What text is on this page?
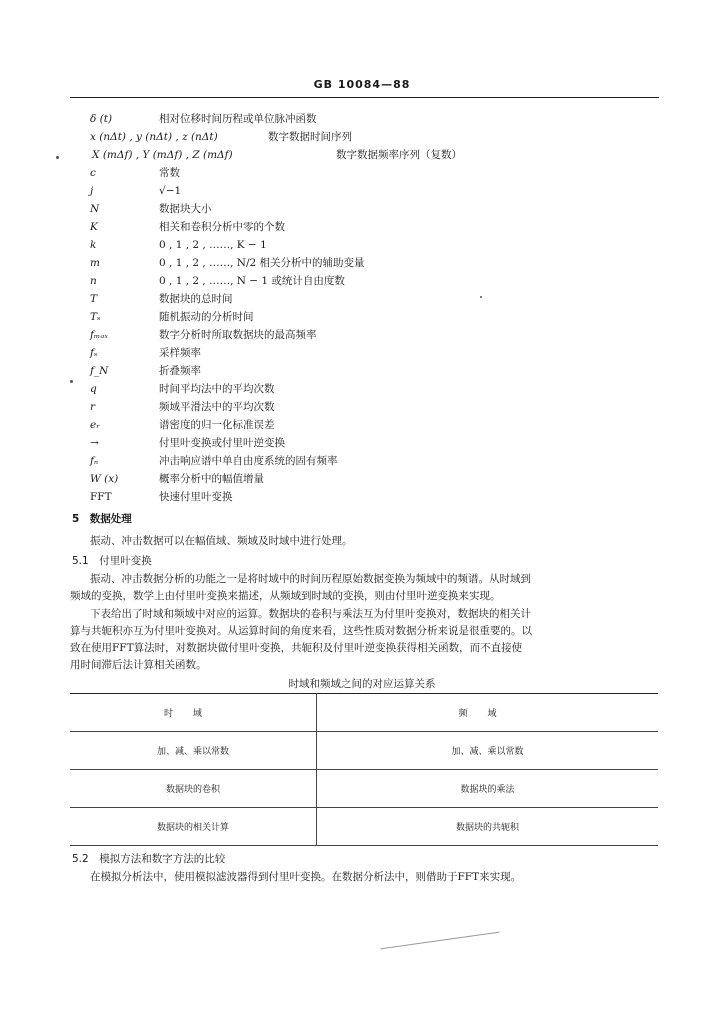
GB 10084—88
δ (t)	相对位移时间历程或单位脉冲函数
x (nΔt) , y (nΔt) , z (nΔt)	数字数据时间序列
X (mΔf) , Y (mΔf) , Z (mΔf)	数字数据频率序列（复数）
c	常数
j	√−1
N	数据块大小
K	相关和卷积分析中零的个数
k	0 , 1 , 2 , ……, K − 1
m	0 , 1 , 2 , ……, N/2 相关分析中的辅助变量
n	0 , 1 , 2 , ……, N − 1 或统计自由度数
T	数据块的总时间
Tₛ	随机振动的分析时间
fₘₐₓ	数字分析时所取数据块的最高频率
fₛ	采样频率
f_N	折叠频率
q	时间平均法中的平均次数
r	频域平滑法中的平均次数
eᵣ	谱密度的归一化标准误差
→	付里叶变换或付里叶逆变换
fₙ	冲击响应谱中单自由度系统的固有频率
W (x)	概率分析中的幅值增量
FFT	快速付里叶变换
5　数据处理
振动、冲击数据可以在幅值域、频域及时域中进行处理。
5.1　付里叶变换
振动、冲击数据分析的功能之一是将时域中的时间历程原始数据变换为频域中的频谱。从时域到
频域的变换，数学上由付里叶变换来描述，从频域到时域的变换，则由付里叶逆变换来实现。
下表给出了时域和频域中对应的运算。数据块的卷积与乘法互为付里叶变换对，数据块的相关计
算与共轭积亦互为付里叶变换对。从运算时间的角度来看，这些性质对数据分析来说是很重要的。以
致在使用FFT算法时，对数据块做付里叶变换，共轭积及付里叶逆变换获得相关函数，而不直接使
用时间滞后法计算相关函数。
时域和频域之间的对应运算关系
时域	频域
加、减、乘以常数	加、减、乘以常数
数据块的卷积	数据块的乘法
数据块的相关计算	数据块的共轭积
5.2　模拟方法和数字方法的比较
在模拟分析法中，使用模拟滤波器得到付里叶变换。在数据分析法中，则借助于FFT来实现。
